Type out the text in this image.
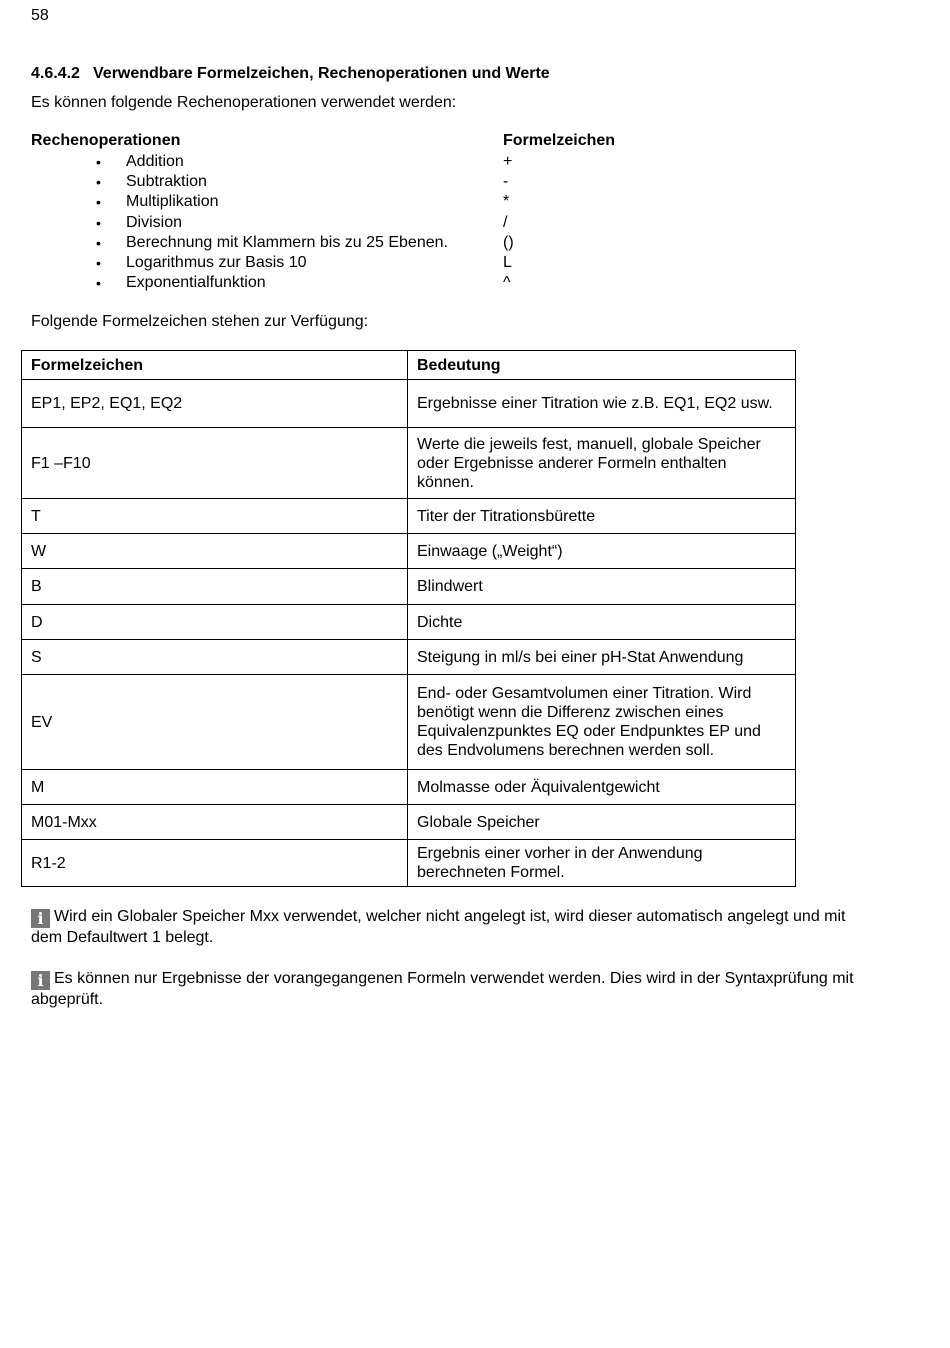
58
4.6.4.2 Verwendbare Formelzeichen, Rechenoperationen und Werte
Es können folgende Rechenoperationen verwendet werden:
Rechenoperationen	Formelzeichen
• Addition	+
• Subtraktion	-
• Multiplikation	*
• Division	/
• Berechnung mit Klammern bis zu 25 Ebenen.	()
• Logarithmus zur Basis 10	L
• Exponentialfunktion	^
Folgende Formelzeichen stehen zur Verfügung:
Formelzeichen	Bedeutung
EP1, EP2, EQ1, EQ2	Ergebnisse einer Titration wie z.B. EQ1, EQ2 usw.
F1 –F10	Werte die jeweils fest, manuell, globale Speicher oder Ergebnisse anderer Formeln enthalten können.
T	Titer der Titrationsbürette
W	Einwaage („Weight“)
B	Blindwert
D	Dichte
S	Steigung in ml/s bei einer pH-Stat Anwendung
EV	End- oder Gesamtvolumen einer Titration. Wird benötigt wenn die Differenz zwischen eines Equivalenzpunktes EQ oder Endpunktes EP und des Endvolumens berechnen werden soll.
M	Molmasse oder Äquivalentgewicht
M01-Mxx	Globale Speicher
R1-2	Ergebnis einer vorher in der Anwendung berechneten Formel.
i Wird ein Globaler Speicher Mxx verwendet, welcher nicht angelegt ist, wird dieser automatisch angelegt und mit dem Defaultwert 1 belegt.
i Es können nur Ergebnisse der vorangegangenen Formeln verwendet werden. Dies wird in der Syntaxprüfung mit abgeprüft.
